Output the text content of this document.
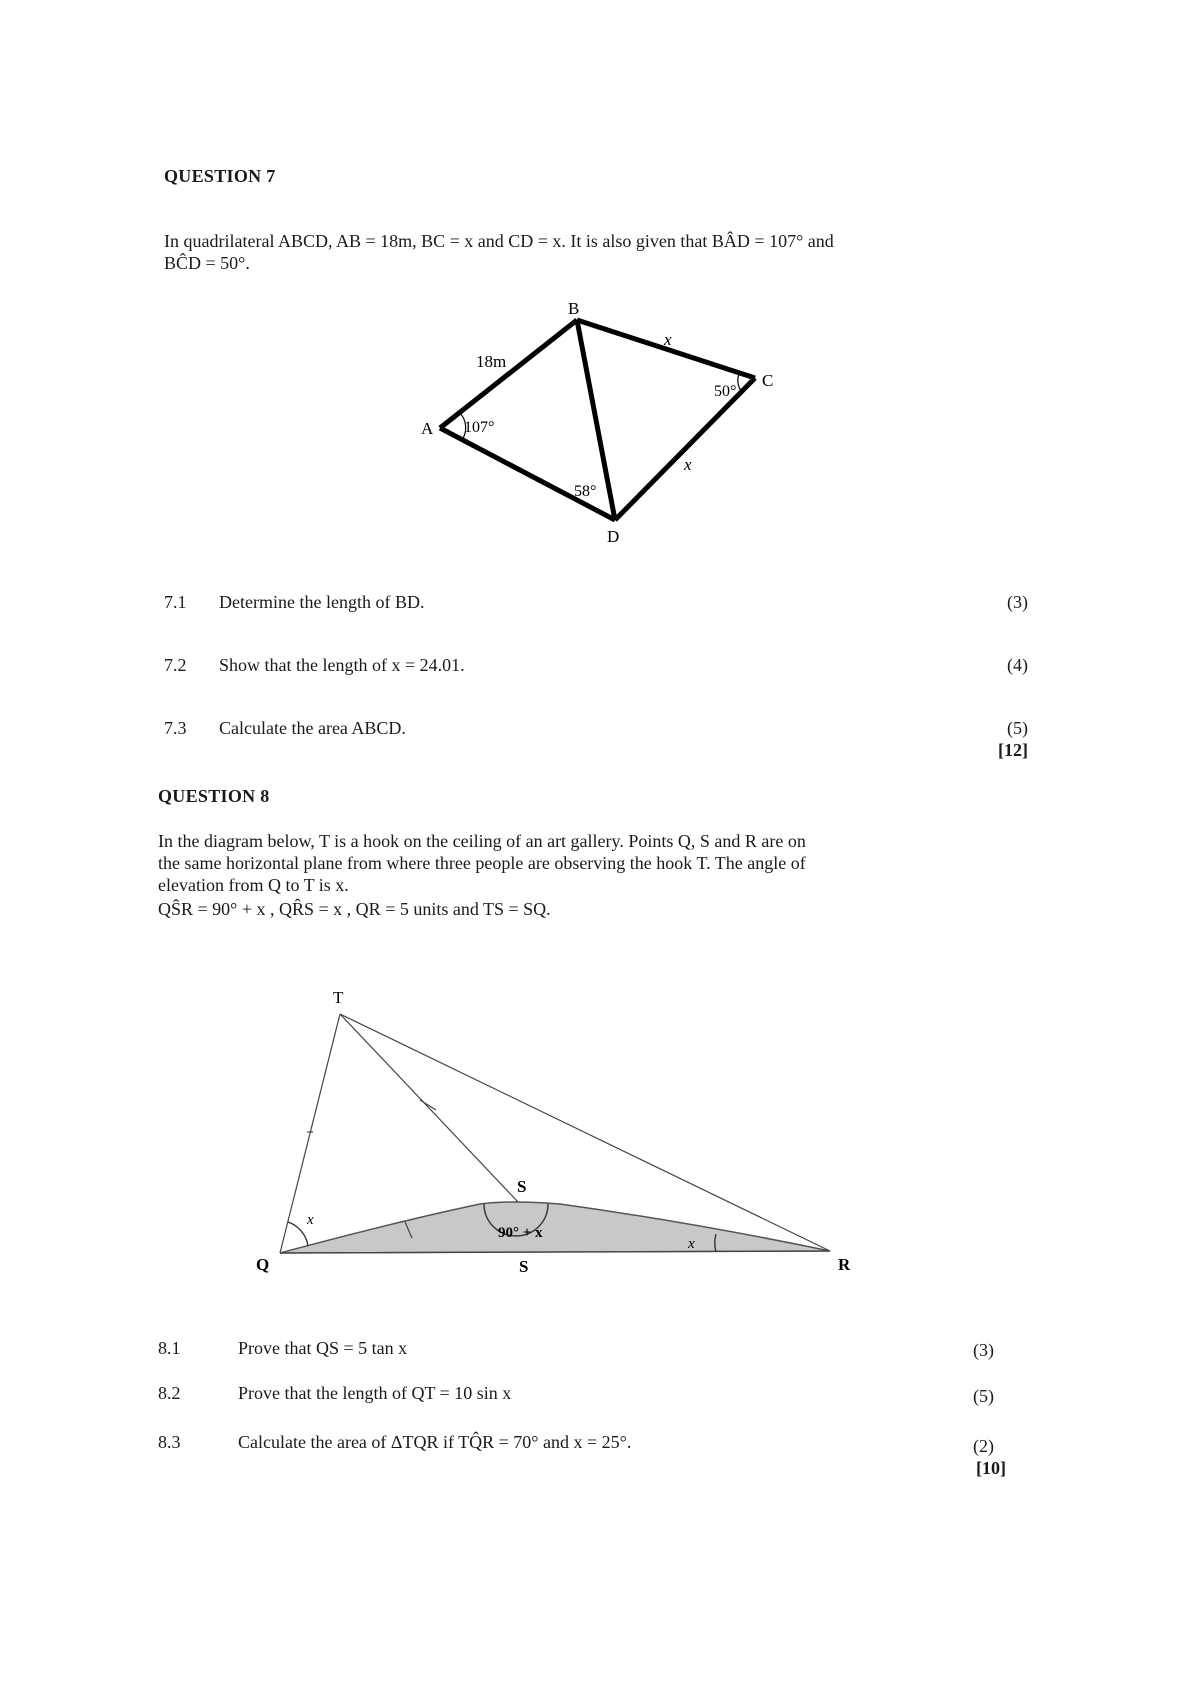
QUESTION 7
In quadrilateral ABCD, AB = 18m, BC = x and CD = x. It is also given that BÂD = 107° and
BĈD = 50°.
B
C
D
A
18m
x
x
107°
50°
58°
7.1 Determine the length of BD.	(3)
7.2 Show that the length of x = 24.01.	(4)
7.3 Calculate the area ABCD.	(5)
[12]
QUESTION 8
In the diagram below, T is a hook on the ceiling of an art gallery. Points Q, S and R are on
the same horizontal plane from where three people are observing the hook T. The angle of
elevation from Q to T is x.
QŜR = 90° + x , QR̂S = x , QR = 5 units and TS = SQ.
T
S
Q	R
S
x
90° + x
x
8.1	Prove that QS = 5 tan x	(3)
8.2	Prove that the length of QT = 10 sin x	(5)
8.3	Calculate the area of ΔTQR if TQ̂R = 70° and x = 25°.	(2)
[10]
